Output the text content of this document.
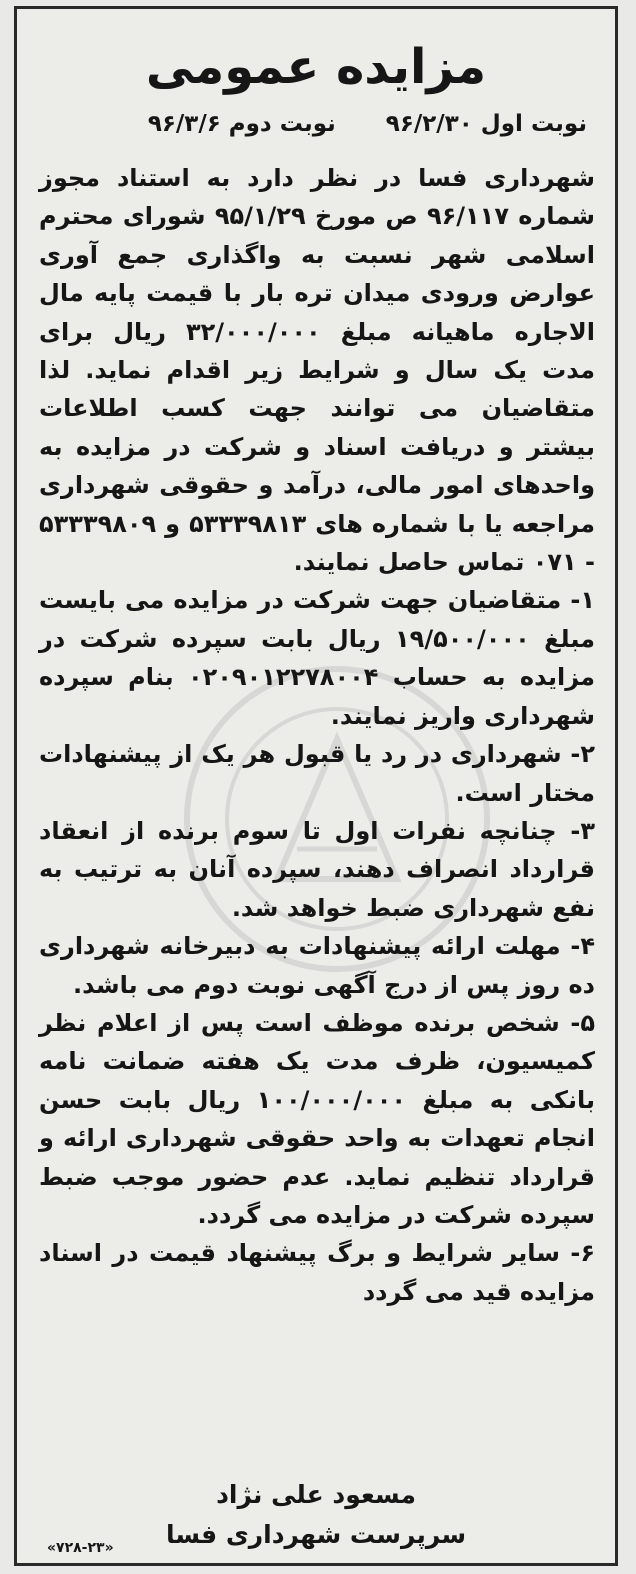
مزایده عمومی
نوبت اول ۹۶/۲/۳۰ نوبت دوم ۹۶/۳/۶

شهرداری فسا در نظر دارد به استناد مجوز شماره ۹۶/۱۱۷ ص مورخ ۹۵/۱/۲۹ شورای محترم اسلامی شهر نسبت به واگذاری جمع آوری عوارض ورودی میدان تره بار با قیمت پایه مال الاجاره ماهیانه مبلغ ۳۲/۰۰۰/۰۰۰ ریال برای مدت یک سال و شرایط زیر اقدام نماید. لذا متقاضیان می توانند جهت کسب اطلاعات بیشتر و دریافت اسناد و شرکت در مزایده به واحدهای امور مالی، درآمد و حقوقی شهرداری مراجعه یا با شماره های ۵۳۳۳۹۸۱۳ و ۵۳۳۳۹۸۰۹ - ۰۷۱ تماس حاصل نمایند.

۱- متقاضیان جهت شرکت در مزایده می بایست مبلغ ۱۹/۵۰۰/۰۰۰ ریال بابت سپرده شرکت در مزایده به حساب ۰۲۰۹۰۱۲۲۷۸۰۰۴ بنام سپرده شهرداری واریز نمایند.

۲- شهرداری در رد یا قبول هر یک از پیشنهادات مختار است.

۳- چنانچه نفرات اول تا سوم برنده از انعقاد قرارداد انصراف دهند، سپرده آنان به ترتیب به نفع شهرداری ضبط خواهد شد.

۴- مهلت ارائه پیشنهادات به دبیرخانه شهرداری ده روز پس از درج آگهی نوبت دوم می باشد.

۵- شخص برنده موظف است پس از اعلام نظر کمیسیون، ظرف مدت یک هفته ضمانت نامه بانکی به مبلغ ۱۰۰/۰۰۰/۰۰۰ ریال بابت حسن انجام تعهدات به واحد حقوقی شهرداری ارائه و قرارداد تنظیم نماید. عدم حضور موجب ضبط سپرده شرکت در مزایده می گردد.

۶- سایر شرایط و برگ پیشنهاد قیمت در اسناد مزایده قید می گردد

مسعود علی نژاد
سرپرست شهرداری فسا
«۷۲۸-۲۳»
